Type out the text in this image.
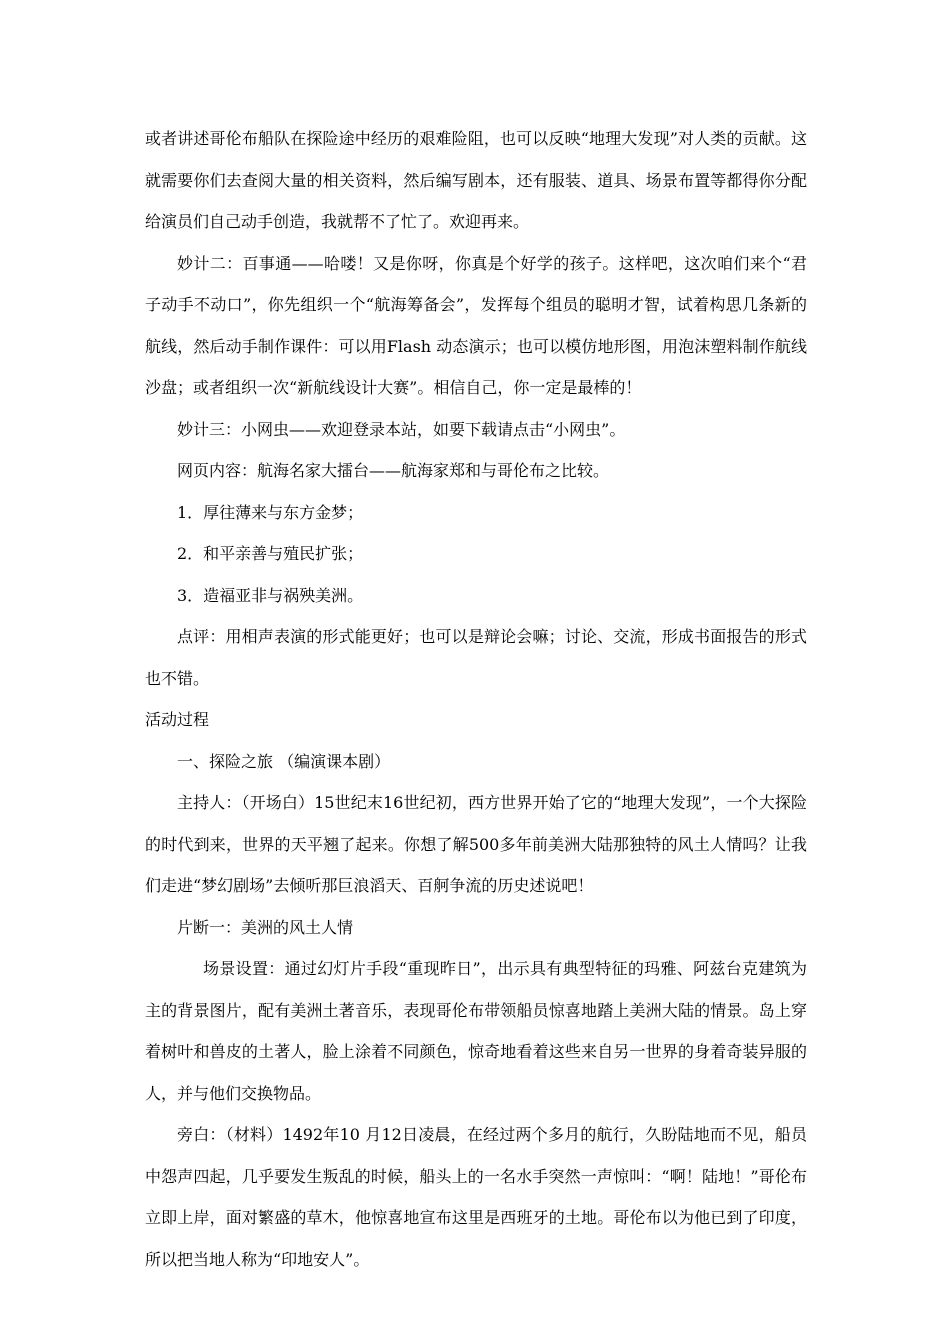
或者讲述哥伦布船队在探险途中经历的艰难险阻，也可以反映“地理大发现”对人类的贡献。这就需要你们去查阅大量的相关资料，然后编写剧本，还有服装、道具、场景布置等都得你分配给演员们自己动手创造，我就帮不了忙了。欢迎再来。

妙计二：百事通——哈喽！又是你呀，你真是个好学的孩子。这样吧，这次咱们来个“君子动手不动口”，你先组织一个“航海筹备会”，发挥每个组员的聪明才智，试着构思几条新的航线，然后动手制作课件：可以用Flash 动态演示；也可以模仿地形图，用泡沫塑料制作航线沙盘；或者组织一次“新航线设计大赛”。相信自己，你一定是最棒的！

妙计三：小网虫——欢迎登录本站，如要下载请点击“小网虫”。

网页内容：航海名家大擂台——航海家郑和与哥伦布之比较。

1．厚往薄来与东方金梦；

2．和平亲善与殖民扩张；

3．造福亚非与祸殃美洲。

点评：用相声表演的形式能更好；也可以是辩论会嘛；讨论、交流，形成书面报告的形式也不错。

活动过程

一、探险之旅 （编演课本剧）

主持人：（开场白）15世纪末16世纪初，西方世界开始了它的“地理大发现”，一个大探险的时代到来，世界的天平翘了起来。你想了解500多年前美洲大陆那独特的风土人情吗？让我们走进“梦幻剧场”去倾听那巨浪滔天、百舸争流的历史述说吧！

片断一：美洲的风土人情

场景设置：通过幻灯片手段“重现昨日”，出示具有典型特征的玛雅、阿兹台克建筑为主的背景图片，配有美洲土著音乐，表现哥伦布带领船员惊喜地踏上美洲大陆的情景。岛上穿着树叶和兽皮的土著人，脸上涂着不同颜色，惊奇地看着这些来自另一世界的身着奇装异服的人，并与他们交换物品。

旁白：（材料）1492年10 月12日凌晨，在经过两个多月的航行，久盼陆地而不见，船员中怨声四起，几乎要发生叛乱的时候，船头上的一名水手突然一声惊叫：“啊！陆地！”哥伦布立即上岸，面对繁盛的草木，他惊喜地宣布这里是西班牙的土地。哥伦布以为他已到了印度，所以把当地人称为“印地安人”。
